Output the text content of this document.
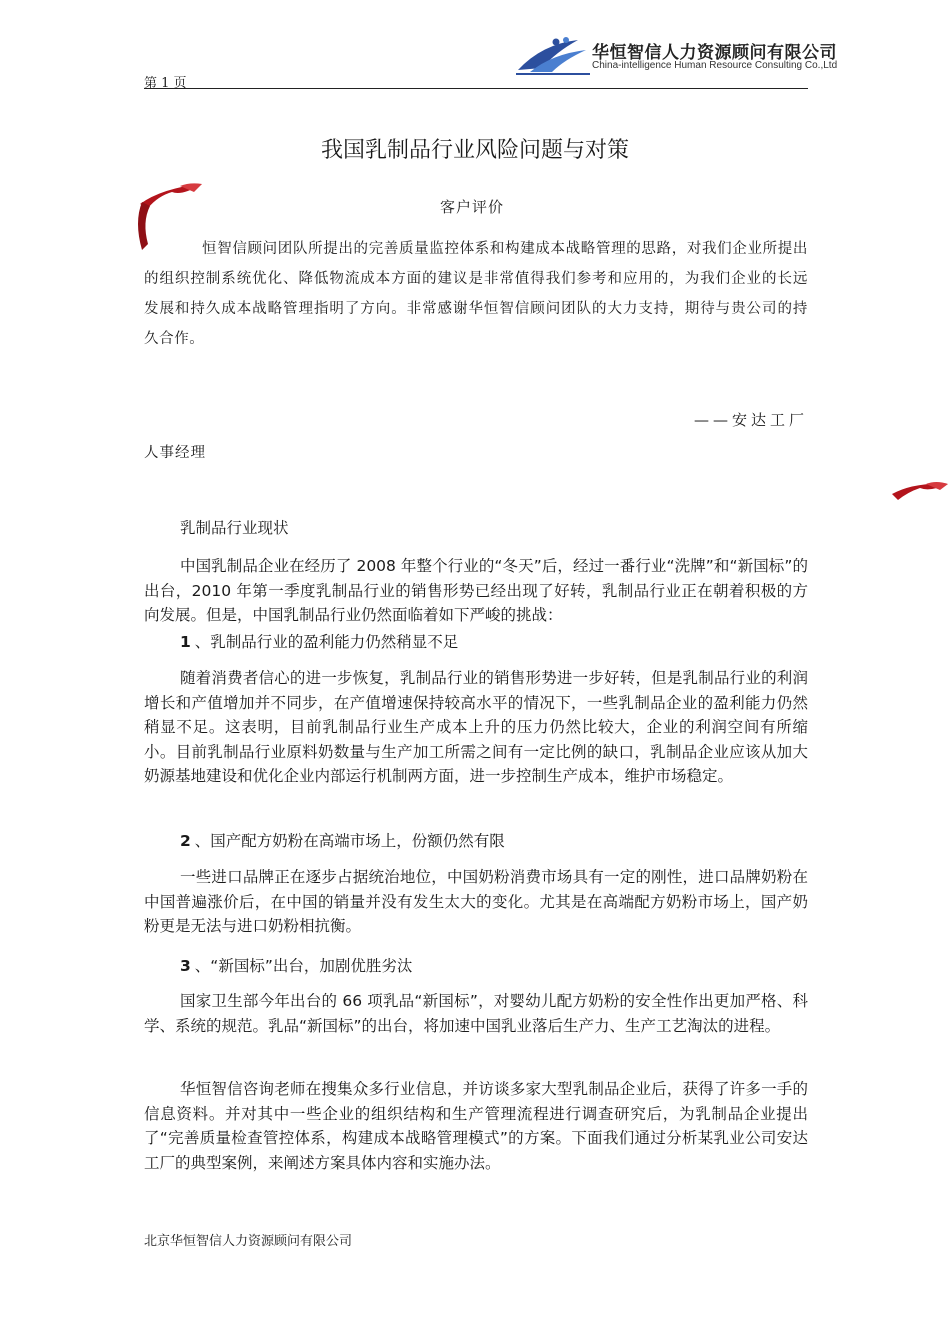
第 1 页
华恒智信人力资源顾问有限公司
China-intelligence Human Resource Consulting Co.,Ltd
我国乳制品行业风险问题与对策
客户评价
恒智信顾问团队所提出的完善质量监控体系和构建成本战略管理的思路，对我们企业所提出的组织控制系统优化、降低物流成本方面的建议是非常值得我们参考和应用的，为我们企业的长远发展和持久成本战略管理指明了方向。非常感谢华恒智信顾问团队的大力支持，期待与贵公司的持久合作。
——安达工厂
人事经理
乳制品行业现状

中国乳制品企业在经历了 2008 年整个行业的“冬天”后，经过一番行业“洗牌”和“新国标”的出台，2010 年第一季度乳制品行业的销售形势已经出现了好转，乳制品行业正在朝着积极的方向发展。但是，中国乳制品行业仍然面临着如下严峻的挑战：

1 、乳制品行业的盈利能力仍然稍显不足

随着消费者信心的进一步恢复，乳制品行业的销售形势进一步好转，但是乳制品行业的利润增长和产值增加并不同步，在产值增速保持较高水平的情况下，一些乳制品企业的盈利能力仍然稍显不足。这表明，目前乳制品行业生产成本上升的压力仍然比较大，企业的利润空间有所缩小。目前乳制品行业原料奶数量与生产加工所需之间有一定比例的缺口，乳制品企业应该从加大奶源基地建设和优化企业内部运行机制两方面，进一步控制生产成本，维护市场稳定。

2 、国产配方奶粉在高端市场上，份额仍然有限

一些进口品牌正在逐步占据统治地位，中国奶粉消费市场具有一定的刚性，进口品牌奶粉在中国普遍涨价后，在中国的销量并没有发生太大的变化。尤其是在高端配方奶粉市场上，国产奶粉更是无法与进口奶粉相抗衡。

3 、“新国标”出台，加剧优胜劣汰

国家卫生部今年出台的 66 项乳品“新国标”，对婴幼儿配方奶粉的安全性作出更加严格、科学、系统的规范。乳品“新国标”的出台，将加速中国乳业落后生产力、生产工艺淘汰的进程。

华恒智信咨询老师在搜集众多行业信息，并访谈多家大型乳制品企业后，获得了许多一手的信息资料。并对其中一些企业的组织结构和生产管理流程进行调查研究后，为乳制品企业提出了“完善质量检查管控体系，构建成本战略管理模式”的方案。下面我们通过分析某乳业公司安达工厂的典型案例，来阐述方案具体内容和实施办法。

北京华恒智信人力资源顾问有限公司
